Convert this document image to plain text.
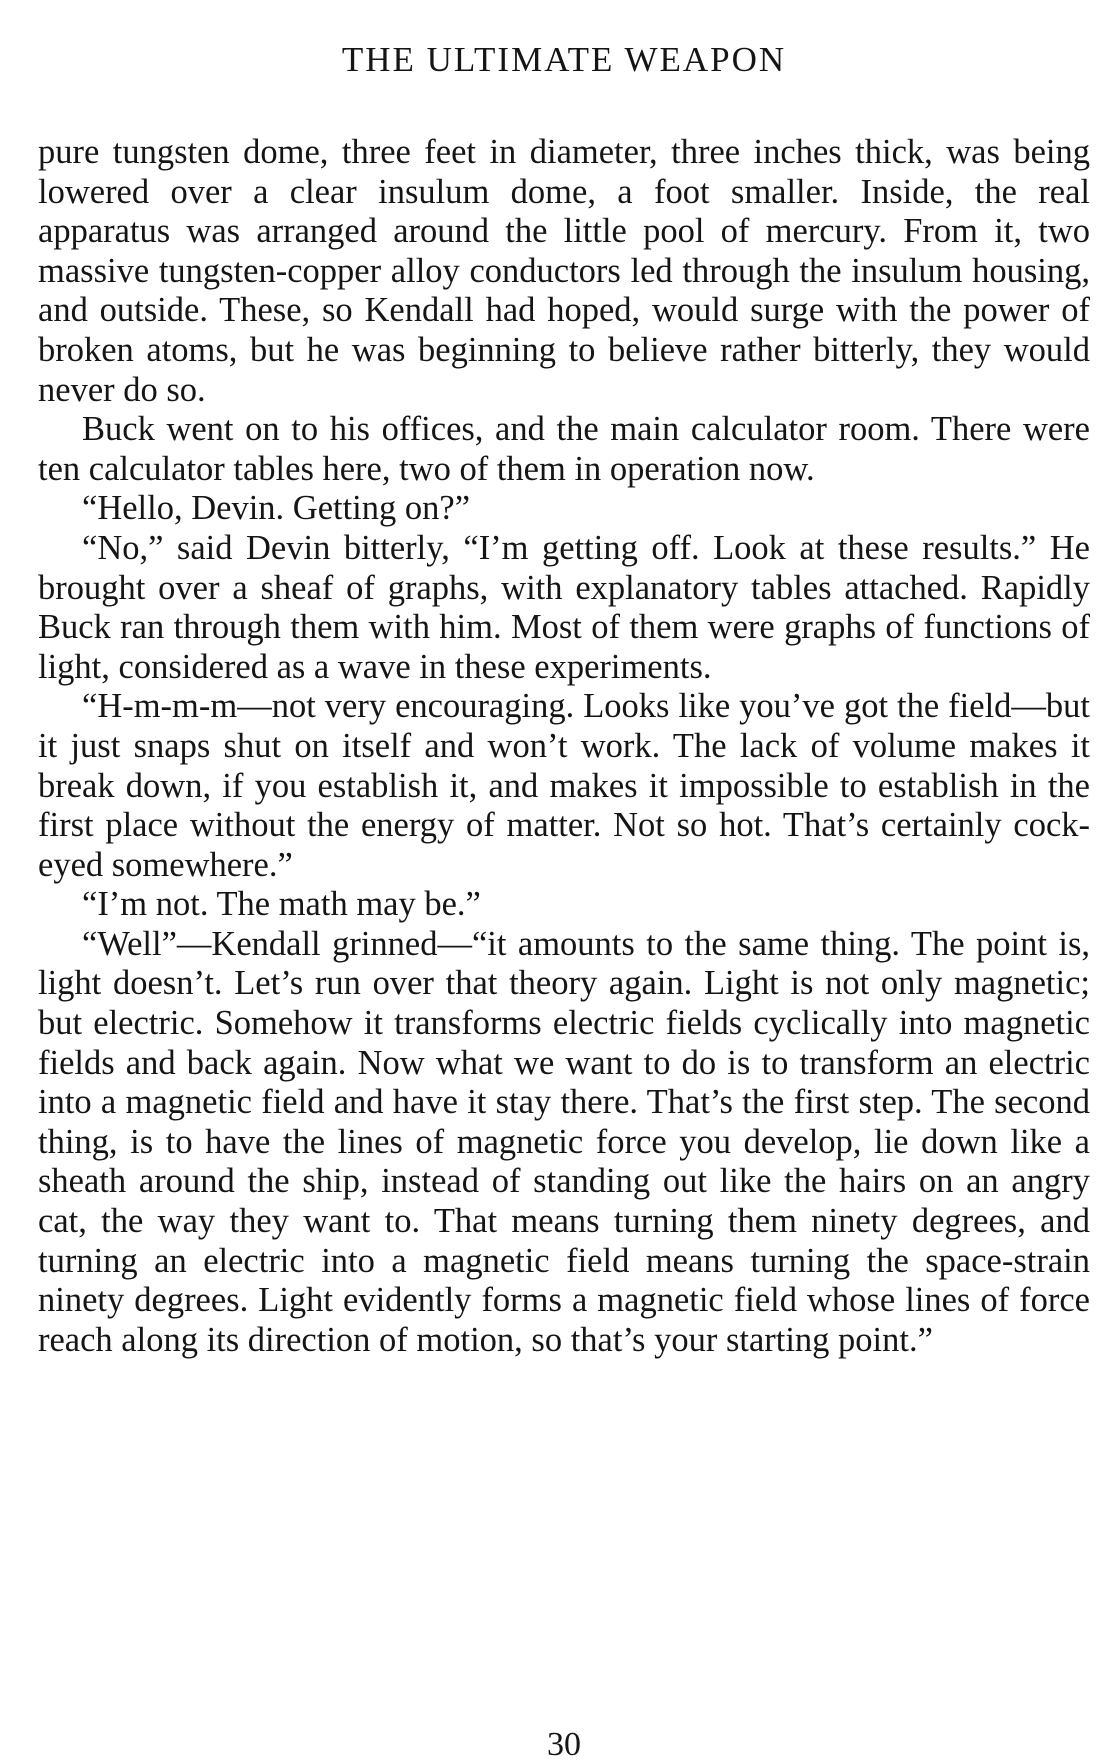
THE ULTIMATE WEAPON

pure tungsten dome, three feet in diameter, three inches thick, was being lowered over a clear insulum dome, a foot smaller. Inside, the real apparatus was arranged around the little pool of mercury. From it, two massive tungsten-copper alloy conductors led through the insulum housing, and outside. These, so Kendall had hoped, would surge with the power of broken atoms, but he was beginning to believe rather bitterly, they would never do so.

Buck went on to his offices, and the main calculator room. There were ten calculator tables here, two of them in operation now.

“Hello, Devin. Getting on?”

“No,” said Devin bitterly, “I’m getting off. Look at these results.” He brought over a sheaf of graphs, with explanatory tables attached. Rapidly Buck ran through them with him. Most of them were graphs of functions of light, considered as a wave in these experiments.

“H-m-m-m—not very encouraging. Looks like you’ve got the field—but it just snaps shut on itself and won’t work. The lack of volume makes it break down, if you establish it, and makes it impossible to establish in the first place without the energy of matter. Not so hot. That’s certainly cock-eyed somewhere.”

“I’m not. The math may be.”

“Well”—Kendall grinned—“it amounts to the same thing. The point is, light doesn’t. Let’s run over that theory again. Light is not only magnetic; but electric. Somehow it transforms electric fields cyclically into magnetic fields and back again. Now what we want to do is to transform an electric into a magnetic field and have it stay there. That’s the first step. The second thing, is to have the lines of magnetic force you develop, lie down like a sheath around the ship, instead of standing out like the hairs on an angry cat, the way they want to. That means turning them ninety degrees, and turning an electric into a magnetic field means turning the space-strain ninety degrees. Light evidently forms a magnetic field whose lines of force reach along its direction of motion, so that’s your starting point.”

30
